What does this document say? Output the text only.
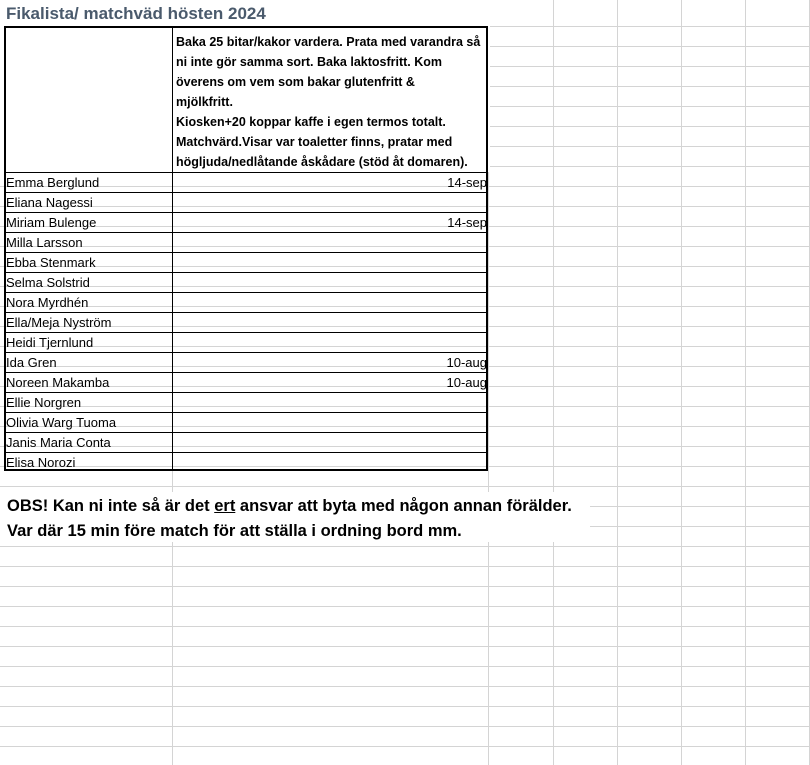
Fikalista/ matchväd hösten 2024
Baka 25 bitar/kakor vardera. Prata med varandra så
ni inte gör samma sort. Baka laktosfritt. Kom
överens om vem som bakar glutenfritt &
mjölkfritt.
Kiosken+20 koppar kaffe i egen termos totalt.
Matchvärd.Visar var toaletter finns, pratar med
högljuda/nedlåtande åskådare (stöd åt domaren).
Emma Berglund	14-sep
Eliana Nagessi
Miriam Bulenge	14-sep
Milla Larsson
Ebba Stenmark
Selma Solstrid
Nora Myrdhén
Ella/Meja Nyström
Heidi Tjernlund
Ida Gren	10-aug
Noreen Makamba	10-aug
Ellie Norgren
Olivia Warg Tuoma
Janis Maria Conta
Elisa Norozi
OBS! Kan ni inte så är det ert ansvar att byta med någon annan förälder.
Var där 15 min före match för att ställa i ordning bord mm.
